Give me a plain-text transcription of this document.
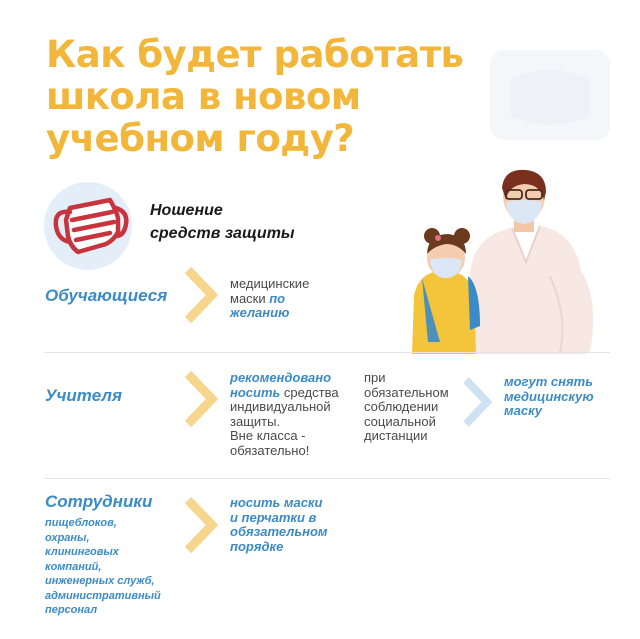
Как будет работать
школа в новом
учебном году?
Ношение
средств защиты
Обучающиеся

медицинские
маски по
желанию

Учителя

рекомендовано
носить средства
индивидуальной
защиты.
Вне класса -
обязательно!

при
обязательном
соблюдении
социальной
дистанции

могут снять
медицинскую
маску

Сотрудники

пищеблоков,
охраны,
клининговых
компаний,
инженерных служб,
административный
персонал

носить маски
и перчатки в
обязательном
порядке
